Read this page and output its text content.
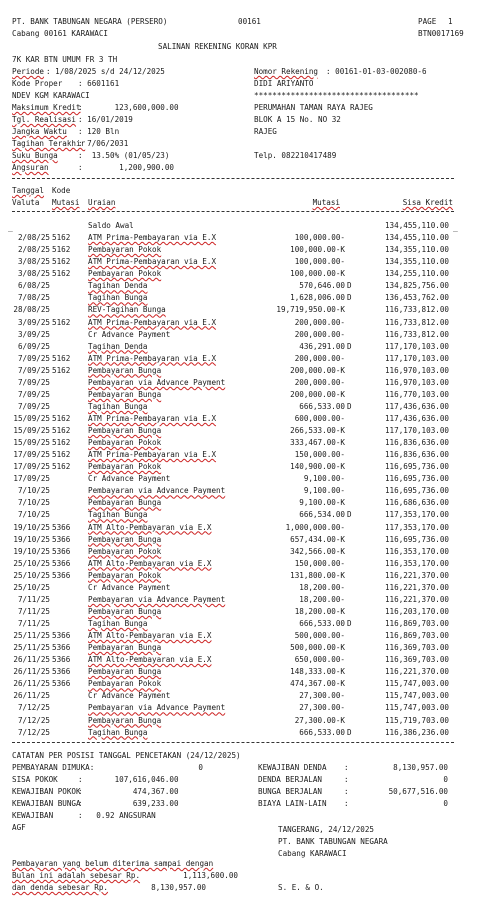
PT. BANK TABUNGAN NEGARA (PERSERO)	00161	PAGE 1
Cabang 00161 KARAWACI	BTN0017169
SALINAN REKENING KORAN KPR
7K KAR BTN UMUM FR 3 TH
Periode : 1/08/2025 s/d 24/12/2025
Kode Proper : 6601161
NDEV KGM KARAWACI
Maksimum Kredit
:       123,600,000.00
Tgl. Realisasi : 16/01/2019
Jangka Waktu : 120 Bln
Tagihan Terakhir
: 7/06/2031
Suku Bunga	:  13.50% (01/05/23)
Angsuran	:        1,200,900.00
Nomor Rekening : 00161-01-03-002080-6
DIDI ARIYANTO
************************************
PERUMAHAN TAMAN RAYA RAJEG
BLOK A 15 No. NO 32
RAJEG
Telp. 082210417489
Tanggal Kode
Valuta Mutasi Uraian	Mutasi	Sisa Kredit
_	_
Saldo Awal	134,455,110.00
2/08/25 5162 ATM Prima-Pembayaran via E.X	100,000.00-	134,455,110.00
2/08/25 5162 Pembayaran Pokok	100,000.00-K	134,355,110.00
3/08/25 5162 ATM Prima-Pembayaran via E.X	100,000.00-	134,355,110.00
3/08/25 5162 Pembayaran Pokok	100,000.00-K	134,255,110.00
6/08/25	Tagihan Denda	570,646.00 D	134,825,756.00
7/08/25	Tagihan Bunga	1,628,006.00 D	136,453,762.00
28/08/25	REV-Tagihan Bunga	19,719,950.00-K	116,733,812.00
3/09/25 5162 ATM Prima-Pembayaran via E.X	200,000.00-	116,733,812.00
3/09/25	Cr Advance Payment	200,000.00-	116,733,812.00
6/09/25	Tagihan Denda	436,291.00 D	117,170,103.00
7/09/25 5162 ATM Prima-Pembayaran via E.X	200,000.00-	117,170,103.00
7/09/25 5162 Pembayaran Bunga	200,000.00-K	116,970,103.00
7/09/25	Pembayaran via Advance Payment	200,000.00-	116,970,103.00
7/09/25	Pembayaran Bunga	200,000.00-K	116,770,103.00
7/09/25	Tagihan Bunga	666,533.00 D	117,436,636.00
15/09/25 5162 ATM Prima-Pembayaran via E.X	600,000.00-	117,436,636.00
15/09/25 5162 Pembayaran Bunga	266,533.00-K	117,170,103.00
15/09/25 5162 Pembayaran Pokok	333,467.00-K	116,836,636.00
17/09/25 5162 ATM Prima-Pembayaran via E.X	150,000.00-	116,836,636.00
17/09/25 5162 Pembayaran Pokok	140,900.00-K	116,695,736.00
17/09/25	Cr Advance Payment	9,100.00-	116,695,736.00
7/10/25	Pembayaran via Advance Payment	9,100.00-	116,695,736.00
7/10/25	Pembayaran Bunga	9,100.00-K	116,686,636.00
7/10/25	Tagihan Bunga	666,534.00 D	117,353,170.00
19/10/25 5366 ATM Alto-Pembayaran via E.X	1,000,000.00-	117,353,170.00
19/10/25 5366 Pembayaran Bunga	657,434.00-K	116,695,736.00
19/10/25 5366 Pembayaran Pokok	342,566.00-K	116,353,170.00
25/10/25 5366 ATM Alto-Pembayaran via E.X	150,000.00-	116,353,170.00
25/10/25 5366 Pembayaran Pokok	131,800.00-K	116,221,370.00
25/10/25	Cr Advance Payment	18,200.00-	116,221,370.00
7/11/25	Pembayaran via Advance Payment	18,200.00-	116,221,370.00
7/11/25	Pembayaran Bunga	18,200.00-K	116,203,170.00
7/11/25	Tagihan Bunga	666,533.00 D	116,869,703.00
25/11/25 5366 ATM Alto-Pembayaran via E.X	500,000.00-	116,869,703.00
25/11/25 5366 Pembayaran Bunga	500,000.00-K	116,369,703.00
26/11/25 5366 ATM Alto-Pembayaran via E.X	650,000.00-	116,369,703.00
26/11/25 5366 Pembayaran Bunga	148,333.00-K	116,221,370.00
26/11/25 5366 Pembayaran Pokok	474,367.00-K	115,747,003.00
26/11/25	Cr Advance Payment	27,300.00-	115,747,003.00
7/12/25	Pembayaran via Advance Payment	27,300.00-	115,747,003.00
7/12/25	Pembayaran Bunga	27,300.00-K	115,719,703.00
7/12/25	Tagihan Bunga	666,533.00 D	116,386,236.00
CATATAN PER POSISI TANGGAL PENCETAKAN (24/12/2025)
PEMBAYARAN DIMUKA:	0
SISA POKOK	:       107,616,046.00
KEWAJIBAN POKOK
:           474,367.00
KEWAJIBAN BUNGA
:           639,233.00
KEWAJIBAN	:   0.92 ANGSURAN
AGF
KEWAJIBAN DENDA :	8,130,957.00
DENDA BERJALAN	:	0
BUNGA BERJALAN	:	50,677,516.00
BIAYA LAIN-LAIN :	0
TANGERANG, 24/12/2025
PT. BANK TABUNGAN NEGARA
Cabang KARAWACI
Pembayaran yang belum diterima sampai dengan
Bulan ini adalah sebesar Rp.	1,113,600.00
dan denda sebesar Rp.	8,130,957.00	S. E. & O.
